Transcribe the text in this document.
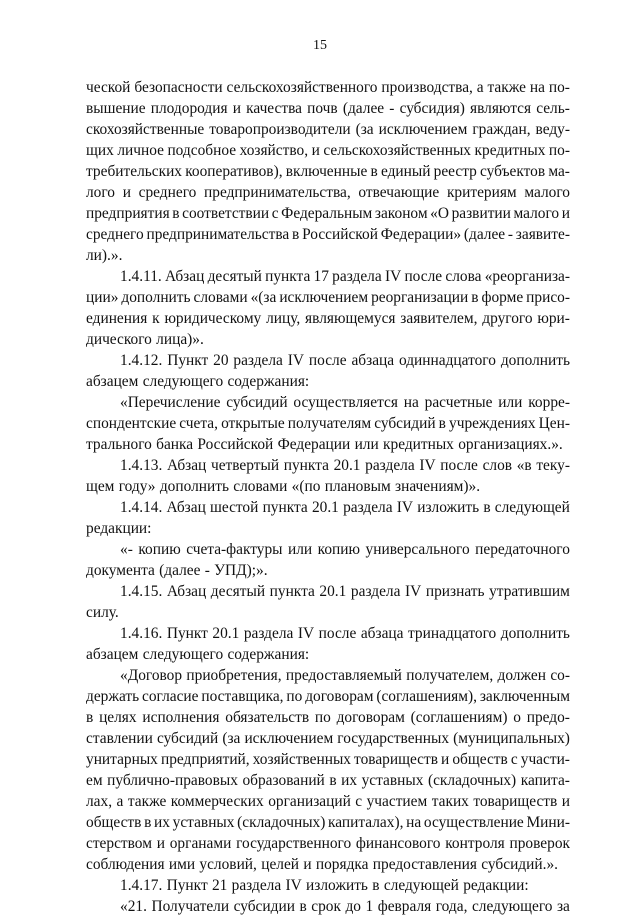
15
ческой безопасности сельскохозяйственного производства, а также на по-
вышение плодородия и качества почв (далее - субсидия) являются сель-
скохозяйственные товаропроизводители (за исключением граждан, веду-
щих личное подсобное хозяйство, и сельскохозяйственных кредитных по-
требительских кооперативов), включенные в единый реестр субъектов ма-
лого и среднего предпринимательства, отвечающие критериям малого
предприятия в соответствии с Федеральным законом «О развитии малого и
среднего предпринимательства в Российской Федерации» (далее - заявите-
ли).».
1.4.11. Абзац десятый пункта 17 раздела IV после слова «реорганиза-
ции» дополнить словами «(за исключением реорганизации в форме присо-
единения к юридическому лицу, являющемуся заявителем, другого юри-
дического лица)».
1.4.12. Пункт 20 раздела IV после абзаца одиннадцатого дополнить
абзацем следующего содержания:
«Перечисление субсидий осуществляется на расчетные или корре-
спондентские счета, открытые получателям субсидий в учреждениях Цен-
трального банка Российской Федерации или кредитных организациях.».
1.4.13. Абзац четвертый пункта 20.1 раздела IV после слов «в теку-
щем году» дополнить словами «(по плановым значениям)».
1.4.14. Абзац шестой пункта 20.1 раздела IV изложить в следующей
редакции:
«- копию счета-фактуры или копию универсального передаточного
документа (далее - УПД);».
1.4.15. Абзац десятый пункта 20.1 раздела IV признать утратившим
силу.
1.4.16. Пункт 20.1 раздела IV после абзаца тринадцатого дополнить
абзацем следующего содержания:
«Договор приобретения, предоставляемый получателем, должен со-
держать согласие поставщика, по договорам (соглашениям), заключенным
в целях исполнения обязательств по договорам (соглашениям) о предо-
ставлении субсидий (за исключением государственных (муниципальных)
унитарных предприятий, хозяйственных товариществ и обществ с участи-
ем публично-правовых образований в их уставных (складочных) капита-
лах, а также коммерческих организаций с участием таких товариществ и
обществ в их уставных (складочных) капиталах), на осуществление Мини-
стерством и органами государственного финансового контроля проверок
соблюдения ими условий, целей и порядка предоставления субсидий.».
1.4.17. Пункт 21 раздела IV изложить в следующей редакции:
«21. Получатели субсидии в срок до 1 февраля года, следующего за
